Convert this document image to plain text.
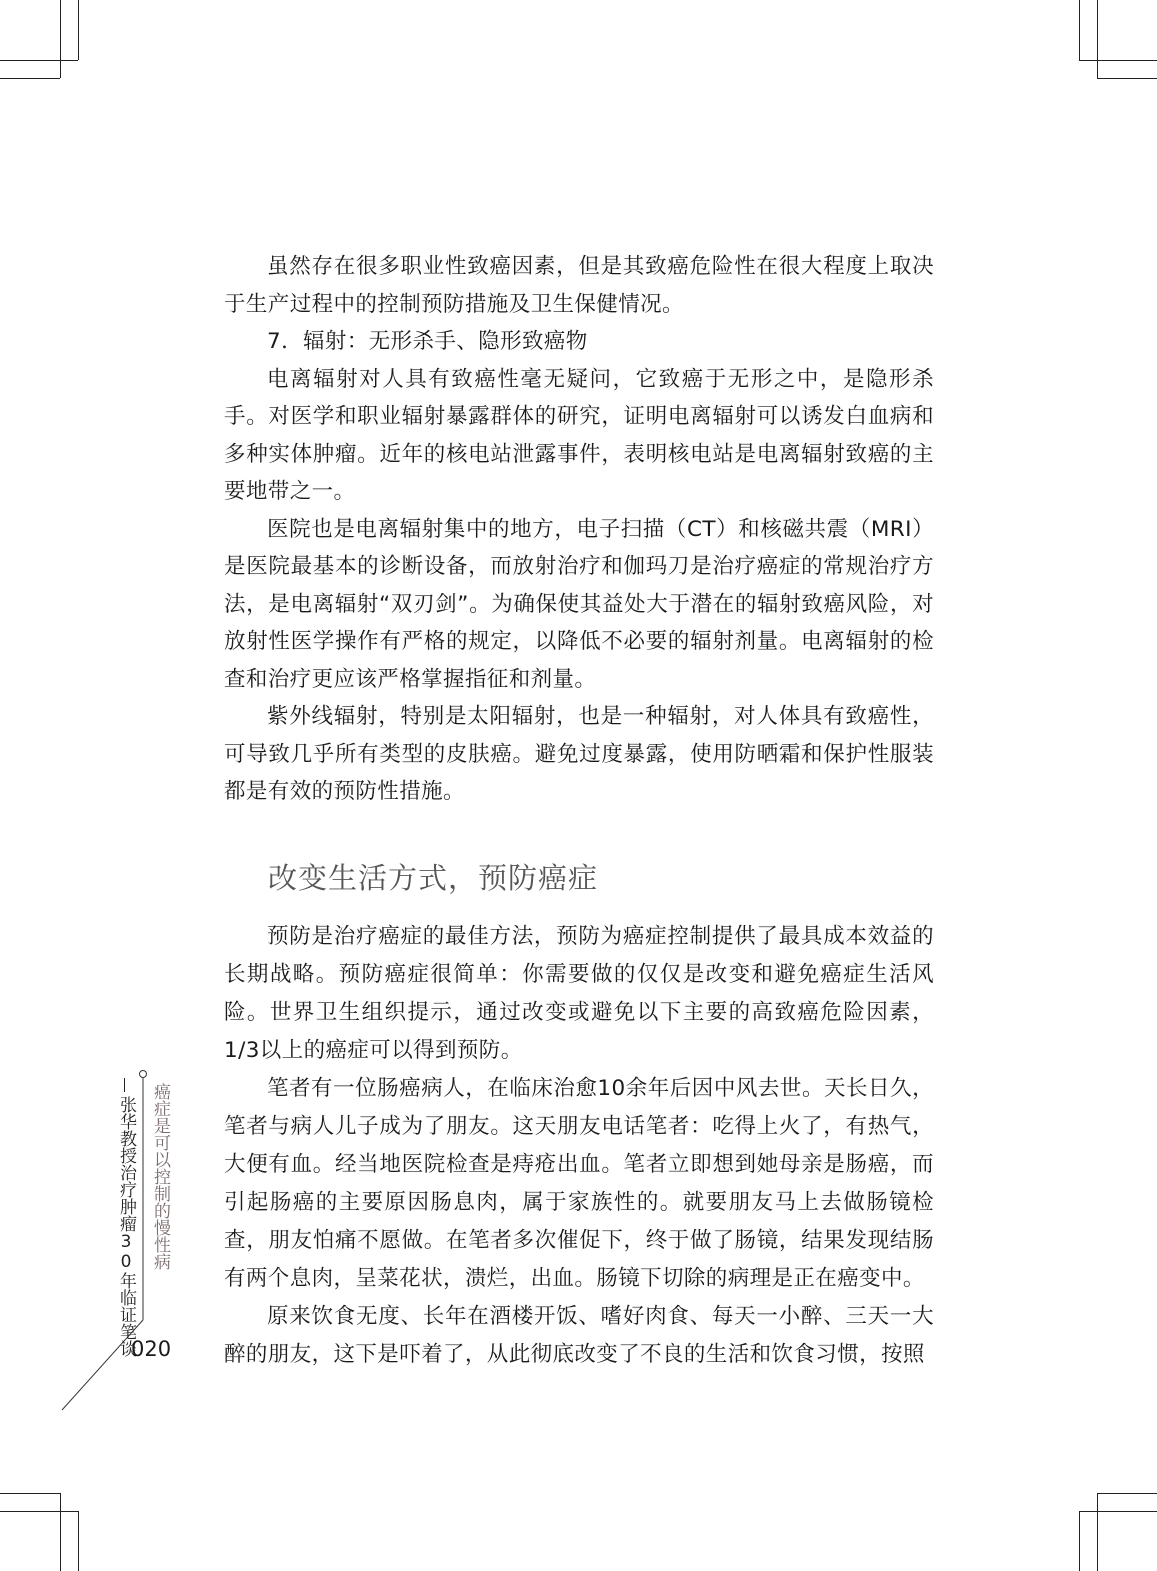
虽然存在很多职业性致癌因素，但是其致癌危险性在很大程度上取决于生产过程中的控制预防措施及卫生保健情况。

7．辐射：无形杀手、隐形致癌物

电离辐射对人具有致癌性毫无疑问，它致癌于无形之中，是隐形杀手。对医学和职业辐射暴露群体的研究，证明电离辐射可以诱发白血病和多种实体肿瘤。近年的核电站泄露事件，表明核电站是电离辐射致癌的主要地带之一。

医院也是电离辐射集中的地方，电子扫描（CT）和核磁共震（MRI）是医院最基本的诊断设备，而放射治疗和伽玛刀是治疗癌症的常规治疗方法，是电离辐射“双刃剑”。为确保使其益处大于潜在的辐射致癌风险，对放射性医学操作有严格的规定，以降低不必要的辐射剂量。电离辐射的检查和治疗更应该严格掌握指征和剂量。

紫外线辐射，特别是太阳辐射，也是一种辐射，对人体具有致癌性，可导致几乎所有类型的皮肤癌。避免过度暴露，使用防晒霜和保护性服装都是有效的预防性措施。

改变生活方式，预防癌症

预防是治疗癌症的最佳方法，预防为癌症控制提供了最具成本效益的长期战略。预防癌症很简单：你需要做的仅仅是改变和避免癌症生活风险。世界卫生组织提示，通过改变或避免以下主要的高致癌危险因素，1/3以上的癌症可以得到预防。

笔者有一位肠癌病人，在临床治愈10余年后因中风去世。天长日久，笔者与病人儿子成为了朋友。这天朋友电话笔者：吃得上火了，有热气，大便有血。经当地医院检查是痔疮出血。笔者立即想到她母亲是肠癌，而引起肠癌的主要原因肠息肉，属于家族性的。就要朋友马上去做肠镜检查，朋友怕痛不愿做。在笔者多次催促下，终于做了肠镜，结果发现结肠有两个息肉，呈菜花状，溃烂，出血。肠镜下切除的病理是正在癌变中。

原来饮食无度、长年在酒楼开饭、嗜好肉食、每天一小醉、三天一大醉的朋友，这下是吓着了，从此彻底改变了不良的生活和饮食习惯，按照

癌症是可以控制的慢性病
张华教授治疗肿瘤30年临证笔谈
020
